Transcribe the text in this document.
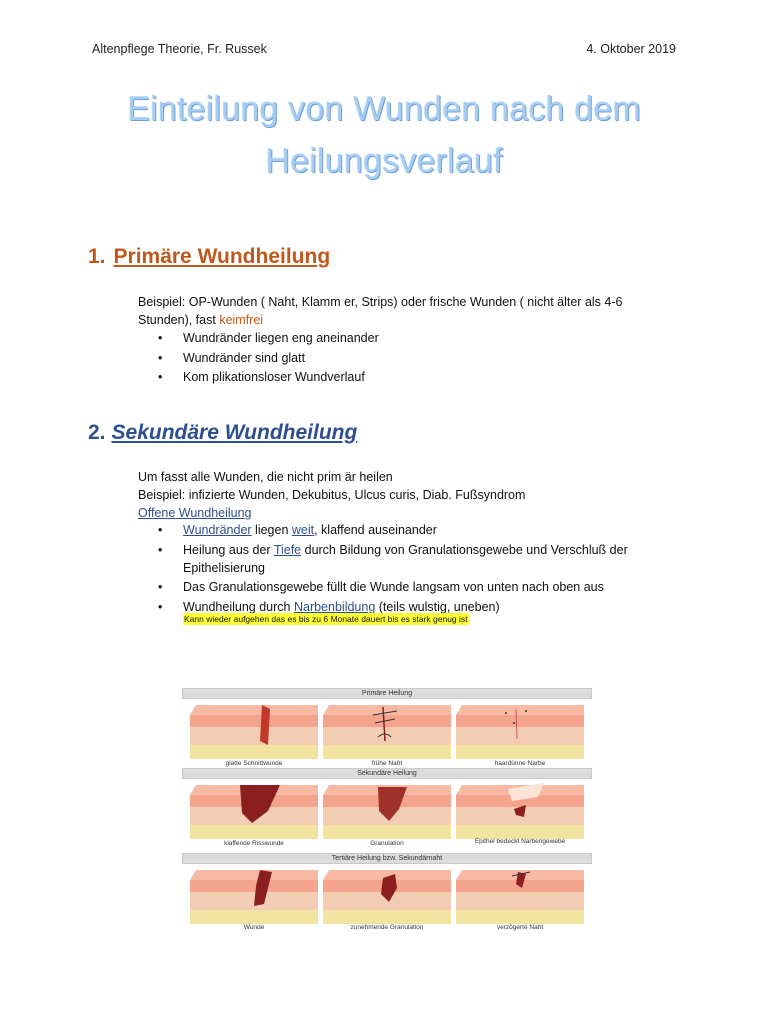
Altenpflege Theorie, Fr. Russek	4. Oktober 2019
Einteilung von Wunden nach dem
Heilungsverlauf
1. Primäre Wundheilung
Beispiel: OP-Wunden ( Naht, Klamm er, Strips) oder frische Wunden ( nicht älter als 4-6
Stunden), fast keimfrei
• Wundränder liegen eng aneinander
• Wundränder sind glatt
• Kom plikationsloser Wundverlauf
2. Sekundäre Wundheilung
Um fasst alle Wunden, die nicht prim är heilen
Beispiel: infizierte Wunden, Dekubitus, Ulcus curis, Diab. Fußsyndrom
Offene Wundheilung
• Wundränder liegen weit, klaffend auseinander
• Heilung aus der Tiefe durch Bildung von Granulationsgewebe und Verschluß der
Epithelisierung
• Das Granulationsgewebe füllt die Wunde langsam von unten nach oben aus
• Wundheilung durch Narbenbildung (teils wulstig, uneben)
Kann wieder aufgehen das es bis zu 6 Monate dauert bis es stark genug ist
Primäre Heilung
Sekundäre Heilung
Tertiäre Heilung bzw. Sekundärnaht
glatte Schnittwunde	frühe Naht	haardünne Narbe
klaffende Risswunde	Granulation	Epithel bedeckt Narbengewebe
Wunde	zunehmende Granulation	verzögerte Naht
